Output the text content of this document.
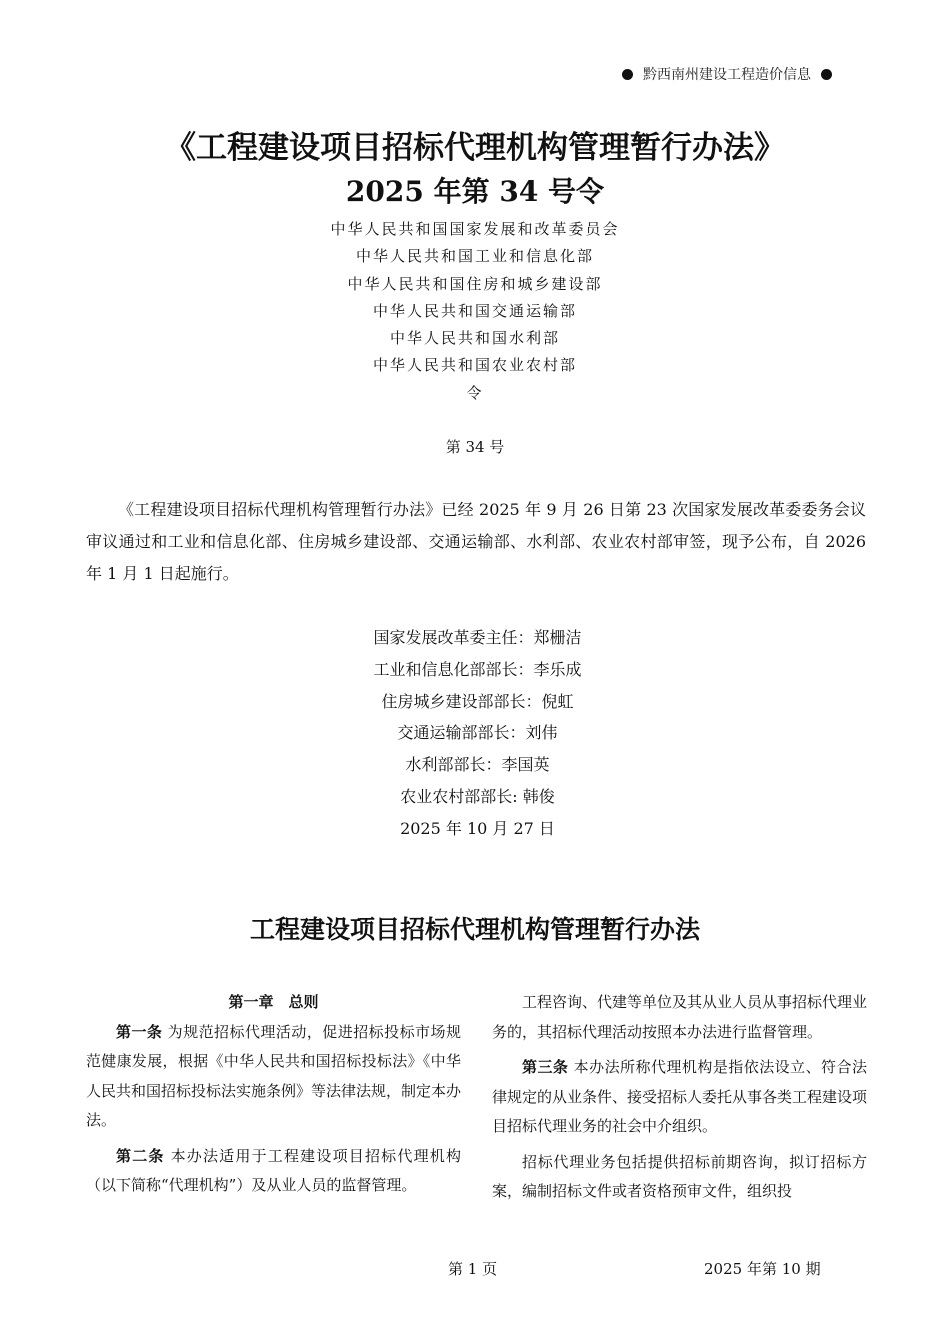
黔西南州建设工程造价信息
《工程建设项目招标代理机构管理暂行办法》
2025 年第 34 号令
中华人民共和国国家发展和改革委员会
中华人民共和国工业和信息化部
中华人民共和国住房和城乡建设部
中华人民共和国交通运输部
中华人民共和国水利部
中华人民共和国农业农村部
令
第 34 号
《工程建设项目招标代理机构管理暂行办法》已经 2025 年 9 月 26 日第 23 次国家发展改革委委务会议审议通过和工业和信息化部、住房城乡建设部、交通运输部、水利部、农业农村部审签，现予公布，自 2026 年 1 月 1 日起施行。
国家发展改革委主任：郑栅洁
工业和信息化部部长：李乐成
住房城乡建设部部长：倪虹
交通运输部部长：刘伟
水利部部长：李国英
农业农村部部长: 韩俊
2025 年 10 月 27 日
工程建设项目招标代理机构管理暂行办法

第一章　总则

第一条 为规范招标代理活动，促进招标投标市场规范健康发展，根据《中华人民共和国招标投标法》《中华人民共和国招标投标法实施条例》等法律法规，制定本办法。

第二条 本办法适用于工程建设项目招标代理机构（以下简称“代理机构”）及从业人员的监督管理。

工程咨询、代建等单位及其从业人员从事招标代理业务的，其招标代理活动按照本办法进行监督管理。

第三条 本办法所称代理机构是指依法设立、符合法律规定的从业条件、接受招标人委托从事各类工程建设项目招标代理业务的社会中介组织。

招标代理业务包括提供招标前期咨询，拟订招标方案，编制招标文件或者资格预审文件，组织投

第 1 页	2025 年第 10 期
